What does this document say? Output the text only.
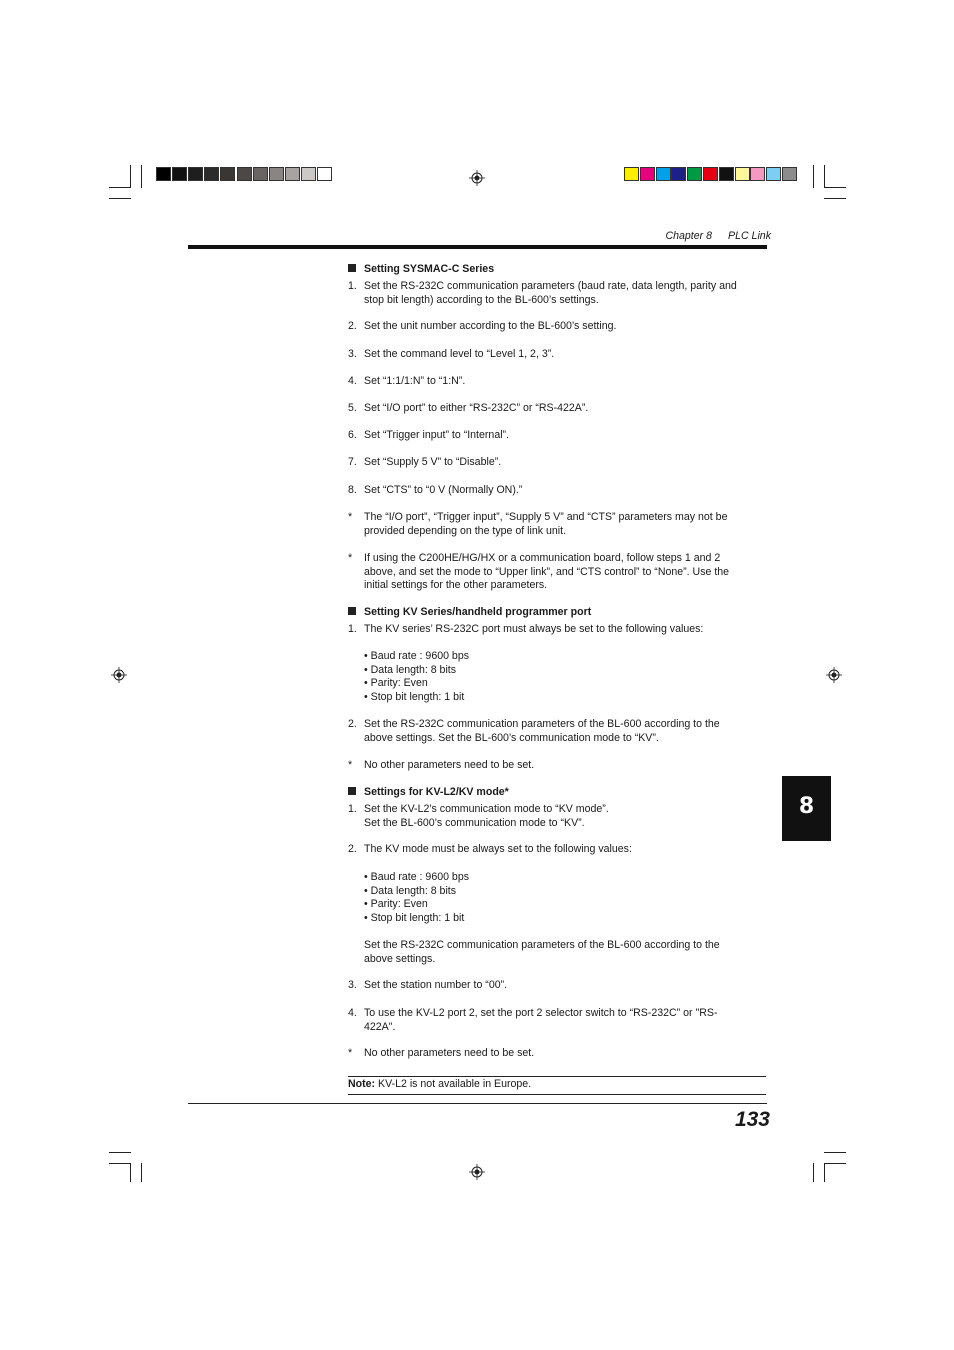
Chapter 8 PLC Link
Setting SYSMAC-C Series
1. Set the RS-232C communication parameters (baud rate, data length, parity and
stop bit length) according to the BL-600’s settings.
2. Set the unit number according to the BL-600’s setting.
3. Set the command level to “Level 1, 2, 3”.
4. Set “1:1/1:N” to “1:N”.
5. Set “I/O port” to either “RS-232C” or “RS-422A”.
6. Set “Trigger input” to “Internal”.
7. Set “Supply 5 V” to “Disable”.
8. Set “CTS” to “0 V (Normally ON).”
* The “I/O port”, “Trigger input”, “Supply 5 V” and “CTS” parameters may not be
provided depending on the type of link unit.
* If using the C200HE/HG/HX or a communication board, follow steps 1 and 2
above, and set the mode to “Upper link”, and “CTS control” to “None”. Use the
initial settings for the other parameters.
Setting KV Series/handheld programmer port
1. The KV series’ RS-232C port must always be set to the following values:
• Baud rate : 9600 bps
• Data length: 8 bits
• Parity: Even
• Stop bit length: 1 bit
2. Set the RS-232C communication parameters of the BL-600 according to the
above settings. Set the BL-600’s communication mode to “KV”.
* No other parameters need to be set.
Settings for KV-L2/KV mode*
1. Set the KV-L2’s communication mode to “KV mode”.
Set the BL-600’s communication mode to “KV”.
2. The KV mode must be always set to the following values:
• Baud rate : 9600 bps
• Data length: 8 bits
• Parity: Even
• Stop bit length: 1 bit
Set the RS-232C communication parameters of the BL-600 according to the
above settings.
3. Set the station number to “00”.
4. To use the KV-L2 port 2, set the port 2 selector switch to “RS-232C” or "RS-
422A".
* No other parameters need to be set.
Note: KV-L2 is not available in Europe.
133
8
